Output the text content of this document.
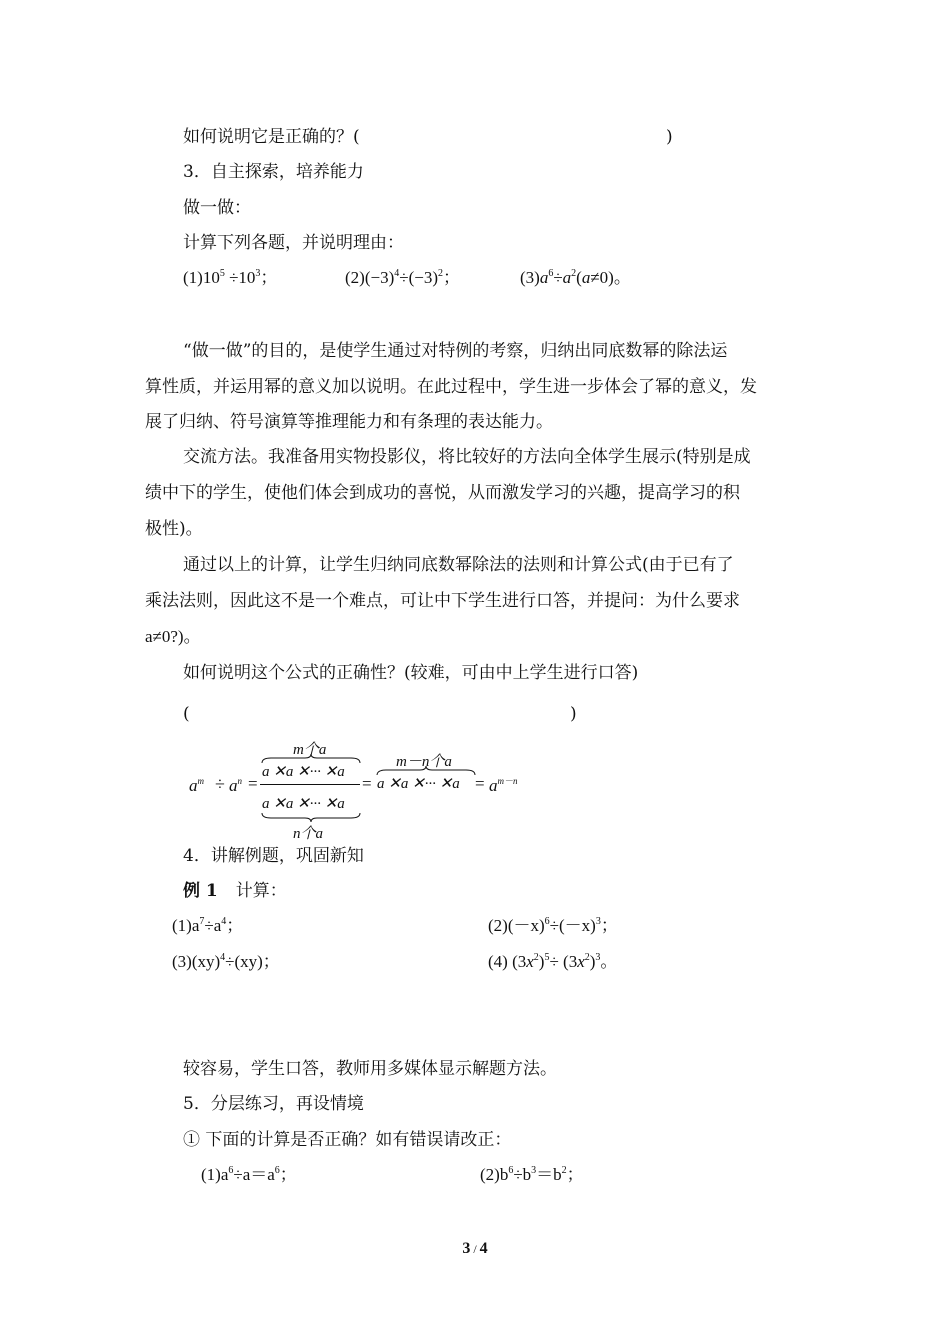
如何说明它是正确的？(	)
3．自主探索，培养能力
做一做：
计算下列各题，并说明理由：
$(1)10^5 \div 10^3$；	$(2)(-3)^4\div(-3)^2$；	$(3)a^6\div a^2(a\ne 0)$。
“做一做”的目的，是使学生通过对特例的考察，归纳出同底数幂的除法运
算性质，并运用幂的意义加以说明。在此过程中，学生进一步体会了幂的意义，发
展了归纳、符号演算等推理能力和有条理的表达能力。
交流方法。我准备用实物投影仪，将比较好的方法向全体学生展示(特别是成
绩中下的学生，使他们体会到成功的喜悦，从而激发学习的兴趣，提高学习的积
极性)。
通过以上的计算，让学生归纳同底数幂除法的法则和计算公式(由于已有了
乘法法则，因此这不是一个难点，可让中下学生进行口答，并提问：为什么要求
a≠0?)。
如何说明这个公式的正确性？(较难，可由中上学生进行口答)
(	)
$a^m \div a^n$ =
m个a
a ✕a ✕··· ✕a
a ✕a ✕··· ✕a
n个a
=
m－n个a
a ✕a ✕··· ✕a = $a^{m-n}$
4．讲解例题，巩固新知
例 1 计算：
$(1)a^7\div a^4$；	$(2)(-x)^6\div(-x)^3$；
(3)(xy)$^4$÷(xy)；	(4) $(3x^2)^5\div (3x^2)^3$。
较容易，学生口答，教师用多媒体显示解题方法。
5．分层练习，再设情境
① 下面的计算是否正确？如有错误请改正：
$(1)a^6\div a=a^6$；	$(2)b^6\div b^3=b^2$；
3 / 4
